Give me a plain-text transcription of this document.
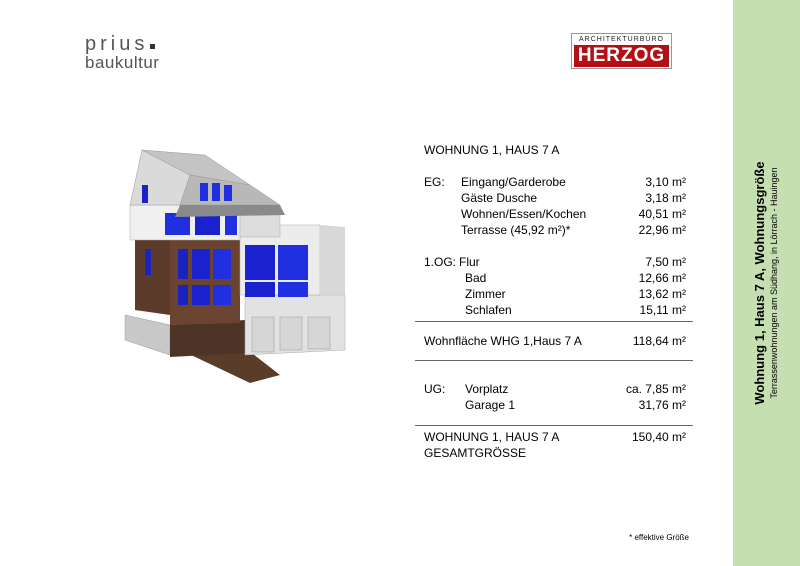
prius
baukultur
ARCHITEKTURBÜRO
HERZOG
WOHNUNG 1, HAUS 7 A
EG: Eingang/Garderobe	3,10 m²
Gäste Dusche	3,18 m²
Wohnen/Essen/Kochen	40,51 m²
Terrasse (45,92 m²)*	22,96 m²
1.OG: Flur	7,50 m²
Bad	12,66 m²
Zimmer	13,62 m²
Schlafen	15,11 m²
Wohnfläche WHG 1,Haus 7 A	118,64 m²
UG: Vorplatz	ca. 7,85 m²
Garage 1	31,76 m²
WOHNUNG 1, HAUS 7 A	150,40 m²
GESAMTGRÖSSE
* effektive Größe
Wohnung 1, Haus 7 A, Wohnungsgröße Terrassenwohnungen am Südhang, in Lörrach - Hauingen
